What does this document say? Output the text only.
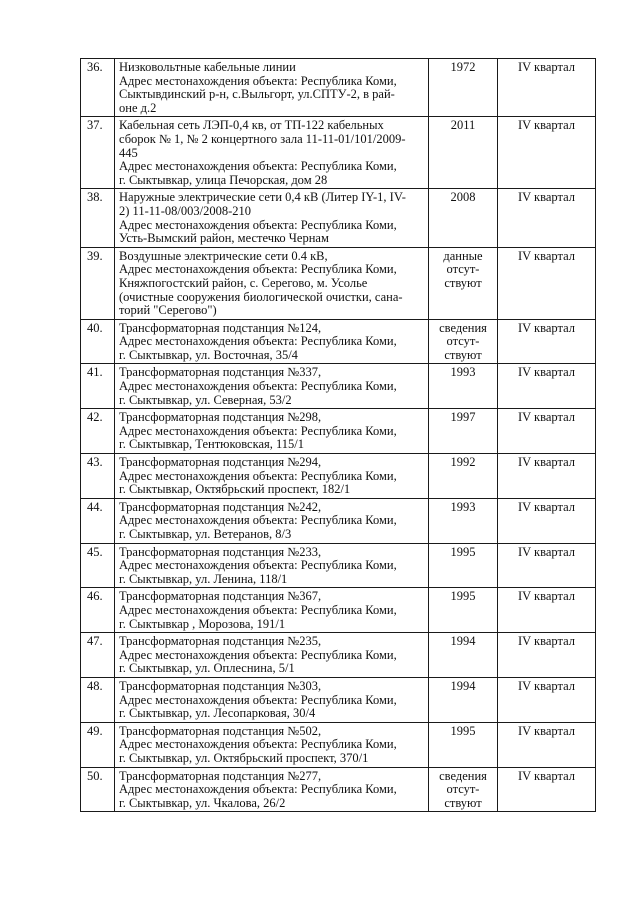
36.	Низковольтные кабельные линии
Адрес местонахождения объекта: Республика Коми,
Сыктывдинский р-н, с.Выльгорт, ул.СПТУ-2, в рай-
оне д.2	1972	IV квартал
37.	Кабельная сеть ЛЭП-0,4 кв, от ТП-122 кабельных
сборок № 1, № 2 концертного зала 11-11-01/101/2009-
445
Адрес местонахождения объекта: Республика Коми,
г. Сыктывкар, улица Печорская, дом 28	2011	IV квартал
38.	Наружные электрические сети 0,4 кВ (Литер IY-1, IV-
2) 11-11-08/003/2008-210
Адрес местонахождения объекта: Республика Коми,
Усть-Вымский район, местечко Чернам	2008	IV квартал
39.	Воздушные электрические сети 0.4 кВ,
Адрес местонахождения объекта: Республика Коми,
Княжпогостский район, с. Серегово, м. Усолье
(очистные сооружения биологической очистки, сана-
торий "Серегово")	данные
отсут-
ствуют	IV квартал
40.	Трансформаторная подстанция №124,
Адрес местонахождения объекта: Республика Коми,
г. Сыктывкар, ул. Восточная, 35/4	сведения
отсут-
ствуют	IV квартал
41.	Трансформаторная подстанция №337,
Адрес местонахождения объекта: Республика Коми,
г. Сыктывкар, ул. Северная, 53/2	1993	IV квартал
42.	Трансформаторная подстанция №298,
Адрес местонахождения объекта: Республика Коми,
г. Сыктывкар, Тентюковская, 115/1	1997	IV квартал
43.	Трансформаторная подстанция №294,
Адрес местонахождения объекта: Республика Коми,
г. Сыктывкар, Октябрьский проспект, 182/1	1992	IV квартал
44.	Трансформаторная подстанция №242,
Адрес местонахождения объекта: Республика Коми,
г. Сыктывкар, ул. Ветеранов, 8/3	1993	IV квартал
45.	Трансформаторная подстанция №233,
Адрес местонахождения объекта: Республика Коми,
г. Сыктывкар, ул. Ленина, 118/1	1995	IV квартал
46.	Трансформаторная подстанция №367,
Адрес местонахождения объекта: Республика Коми,
г. Сыктывкар , Морозова, 191/1	1995	IV квартал
47.	Трансформаторная подстанция №235,
Адрес местонахождения объекта: Республика Коми,
г. Сыктывкар, ул. Оплеснина, 5/1	1994	IV квартал
48.	Трансформаторная подстанция №303,
Адрес местонахождения объекта: Республика Коми,
г. Сыктывкар, ул. Лесопарковая, 30/4	1994	IV квартал
49.	Трансформаторная подстанция №502,
Адрес местонахождения объекта: Республика Коми,
г. Сыктывкар, ул. Октябрьский проспект, 370/1	1995	IV квартал
50.	Трансформаторная подстанция №277,
Адрес местонахождения объекта: Республика Коми,
г. Сыктывкар, ул. Чкалова, 26/2	сведения
отсут-
ствуют	IV квартал
